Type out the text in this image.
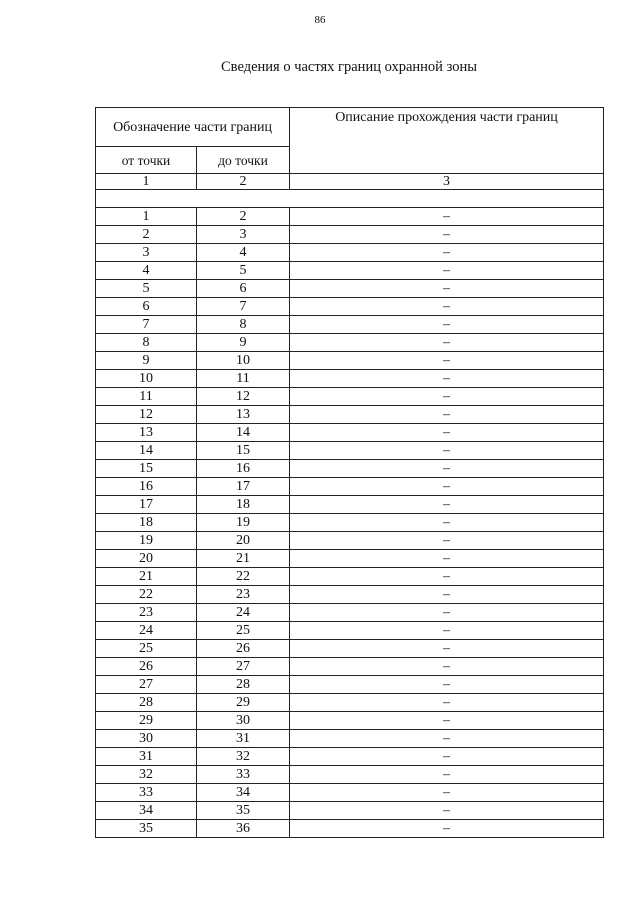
86
Сведения о частях границ охранной зоны
Обозначение части границ		Описание прохождения части границ
от точки	до точки	
1	2	3

1	2	–
2	3	–
3	4	–
4	5	–
5	6	–
6	7	–
7	8	–
8	9	–
9	10	–
10	11	–
11	12	–
12	13	–
13	14	–
14	15	–
15	16	–
16	17	–
17	18	–
18	19	–
19	20	–
20	21	–
21	22	–
22	23	–
23	24	–
24	25	–
25	26	–
26	27	–
27	28	–
28	29	–
29	30	–
30	31	–
31	32	–
32	33	–
33	34	–
34	35	–
35	36	–
